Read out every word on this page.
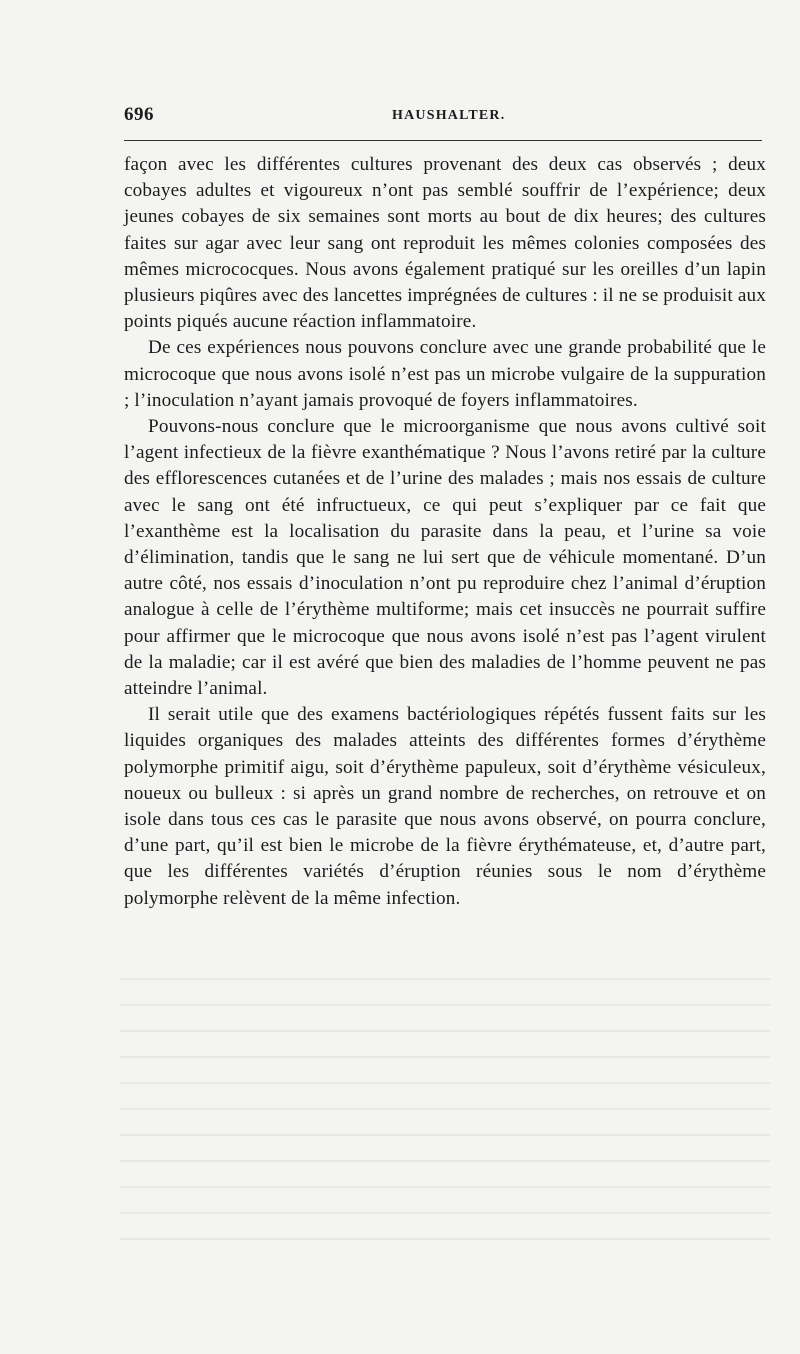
696	HAUSHALTER.

façon avec les différentes cultures provenant des deux cas observés ; deux cobayes adultes et vigoureux n’ont pas semblé souffrir de l’expérience; deux jeunes cobayes de six semaines sont morts au bout de dix heures; des cultures faites sur agar avec leur sang ont reproduit les mêmes colonies composées des mêmes micrococques. Nous avons également pratiqué sur les oreilles d’un lapin plusieurs piqûres avec des lancettes imprégnées de cultures : il ne se produisit aux points piqués aucune réaction inflammatoire.

De ces expériences nous pouvons conclure avec une grande probabilité que le microcoque que nous avons isolé n’est pas un microbe vulgaire de la suppuration ; l’inoculation n’ayant jamais provoqué de foyers inflammatoires.

Pouvons-nous conclure que le microorganisme que nous avons cultivé soit l’agent infectieux de la fièvre exanthématique ? Nous l’avons retiré par la culture des efflorescences cutanées et de l’urine des malades ; mais nos essais de culture avec le sang ont été infructueux, ce qui peut s’expliquer par ce fait que l’exanthème est la localisation du parasite dans la peau, et l’urine sa voie d’élimination, tandis que le sang ne lui sert que de véhicule momentané. D’un autre côté, nos essais d’inoculation n’ont pu reproduire chez l’animal d’éruption analogue à celle de l’érythème multiforme; mais cet insuccès ne pourrait suffire pour affirmer que le microcoque que nous avons isolé n’est pas l’agent virulent de la maladie; car il est avéré que bien des maladies de l’homme peuvent ne pas atteindre l’animal.

Il serait utile que des examens bactériologiques répétés fussent faits sur les liquides organiques des malades atteints des différentes formes d’érythème polymorphe primitif aigu, soit d’érythème papuleux, soit d’érythème vésiculeux, noueux ou bulleux : si après un grand nombre de recherches, on retrouve et on isole dans tous ces cas le parasite que nous avons observé, on pourra conclure, d’une part, qu’il est bien le microbe de la fièvre érythémateuse, et, d’autre part, que les différentes variétés d’éruption réunies sous le nom d’érythème polymorphe relèvent de la même infection.
